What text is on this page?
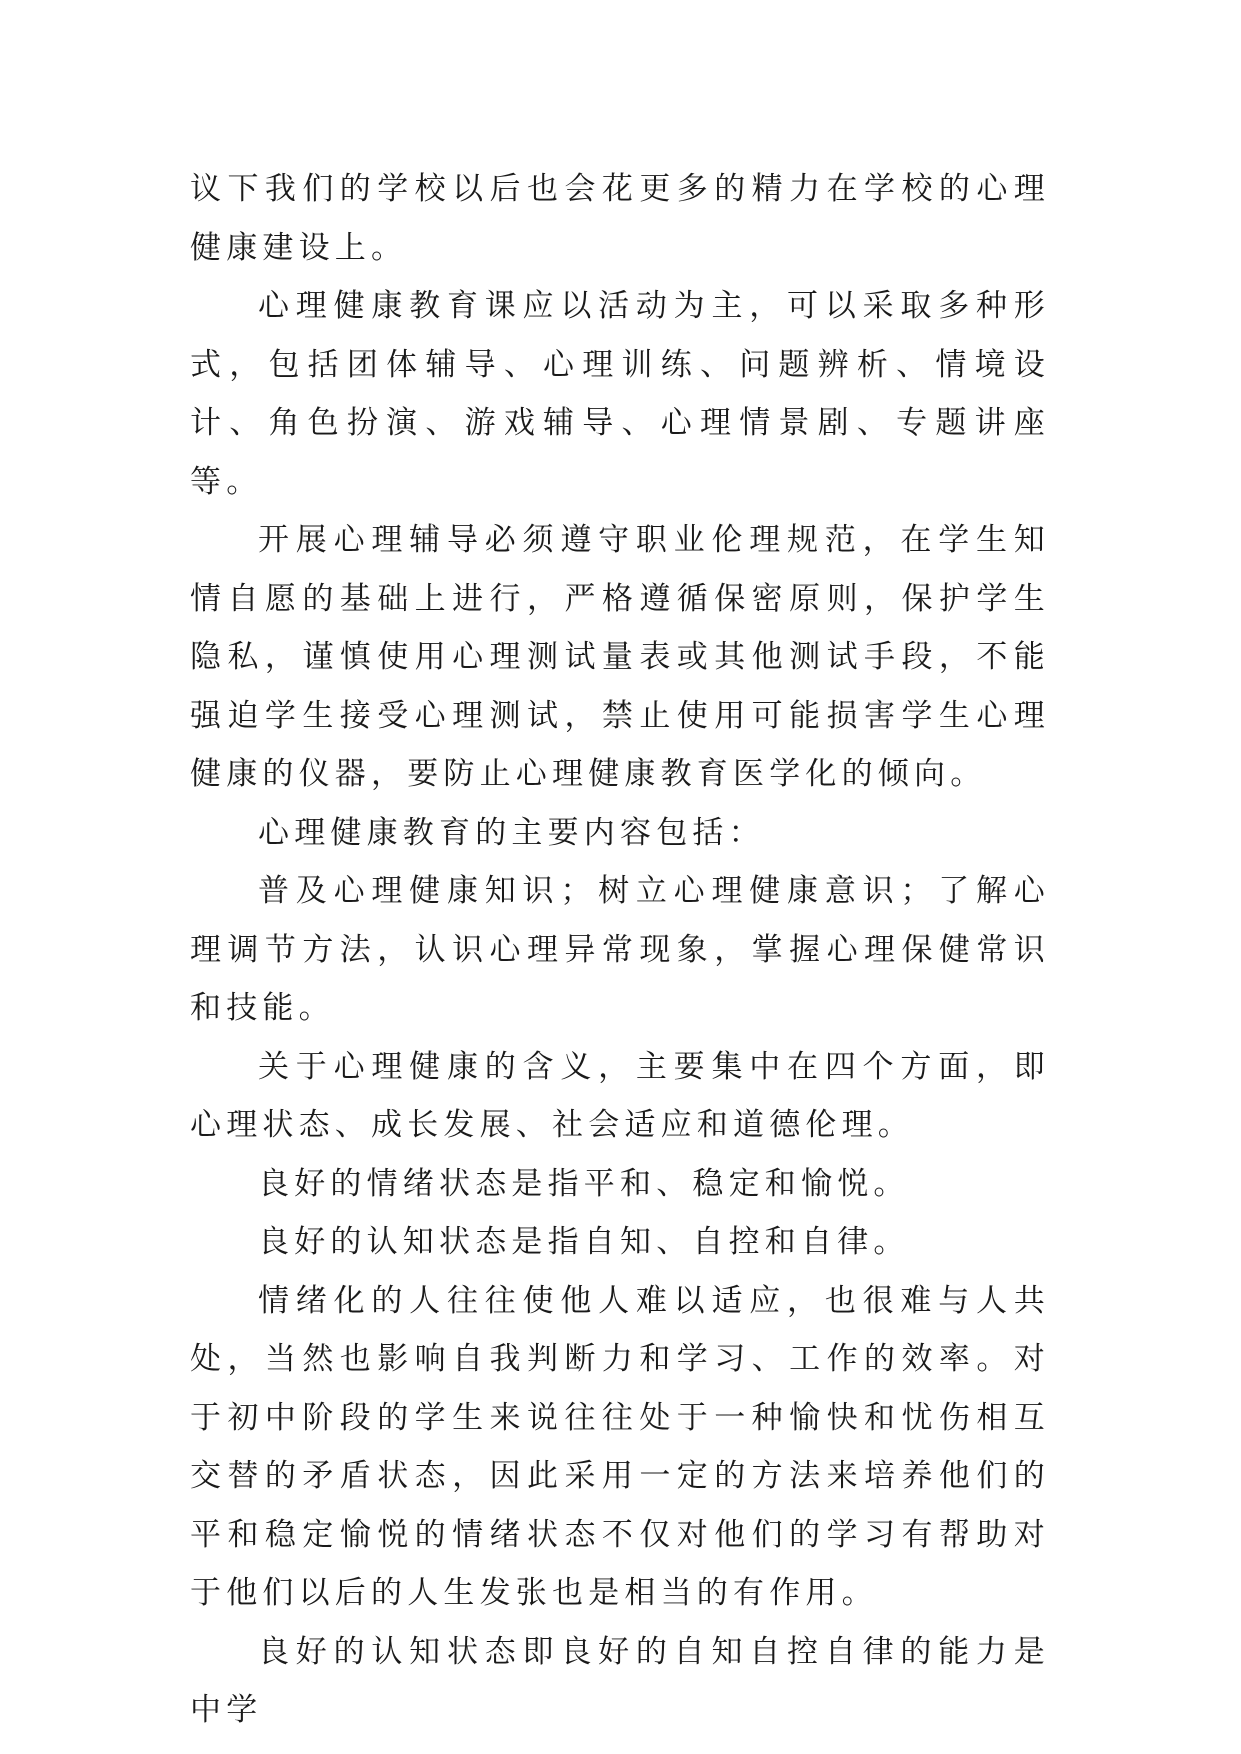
议下我们的学校以后也会花更多的精力在学校的心理健康建设上。

心理健康教育课应以活动为主，可以采取多种形式，包括团体辅导、心理训练、问题辨析、情境设计、角色扮演、游戏辅导、心理情景剧、专题讲座等。

开展心理辅导必须遵守职业伦理规范，在学生知情自愿的基础上进行，严格遵循保密原则，保护学生隐私，谨慎使用心理测试量表或其他测试手段，不能强迫学生接受心理测试，禁止使用可能损害学生心理健康的仪器，要防止心理健康教育医学化的倾向。

心理健康教育的主要内容包括：

普及心理健康知识；树立心理健康意识；了解心理调节方法，认识心理异常现象，掌握心理保健常识和技能。

关于心理健康的含义，主要集中在四个方面，即心理状态、成长发展、社会适应和道德伦理。

良好的情绪状态是指平和、稳定和愉悦。

良好的认知状态是指自知、自控和自律。

情绪化的人往往使他人难以适应，也很难与人共处，当然也影响自我判断力和学习、工作的效率。对于初中阶段的学生来说往往处于一种愉快和忧伤相互交替的矛盾状态，因此采用一定的方法来培养他们的平和稳定愉悦的情绪状态不仅对他们的学习有帮助对于他们以后的人生发张也是相当的有作用。

良好的认知状态即良好的自知自控自律的能力是中学
